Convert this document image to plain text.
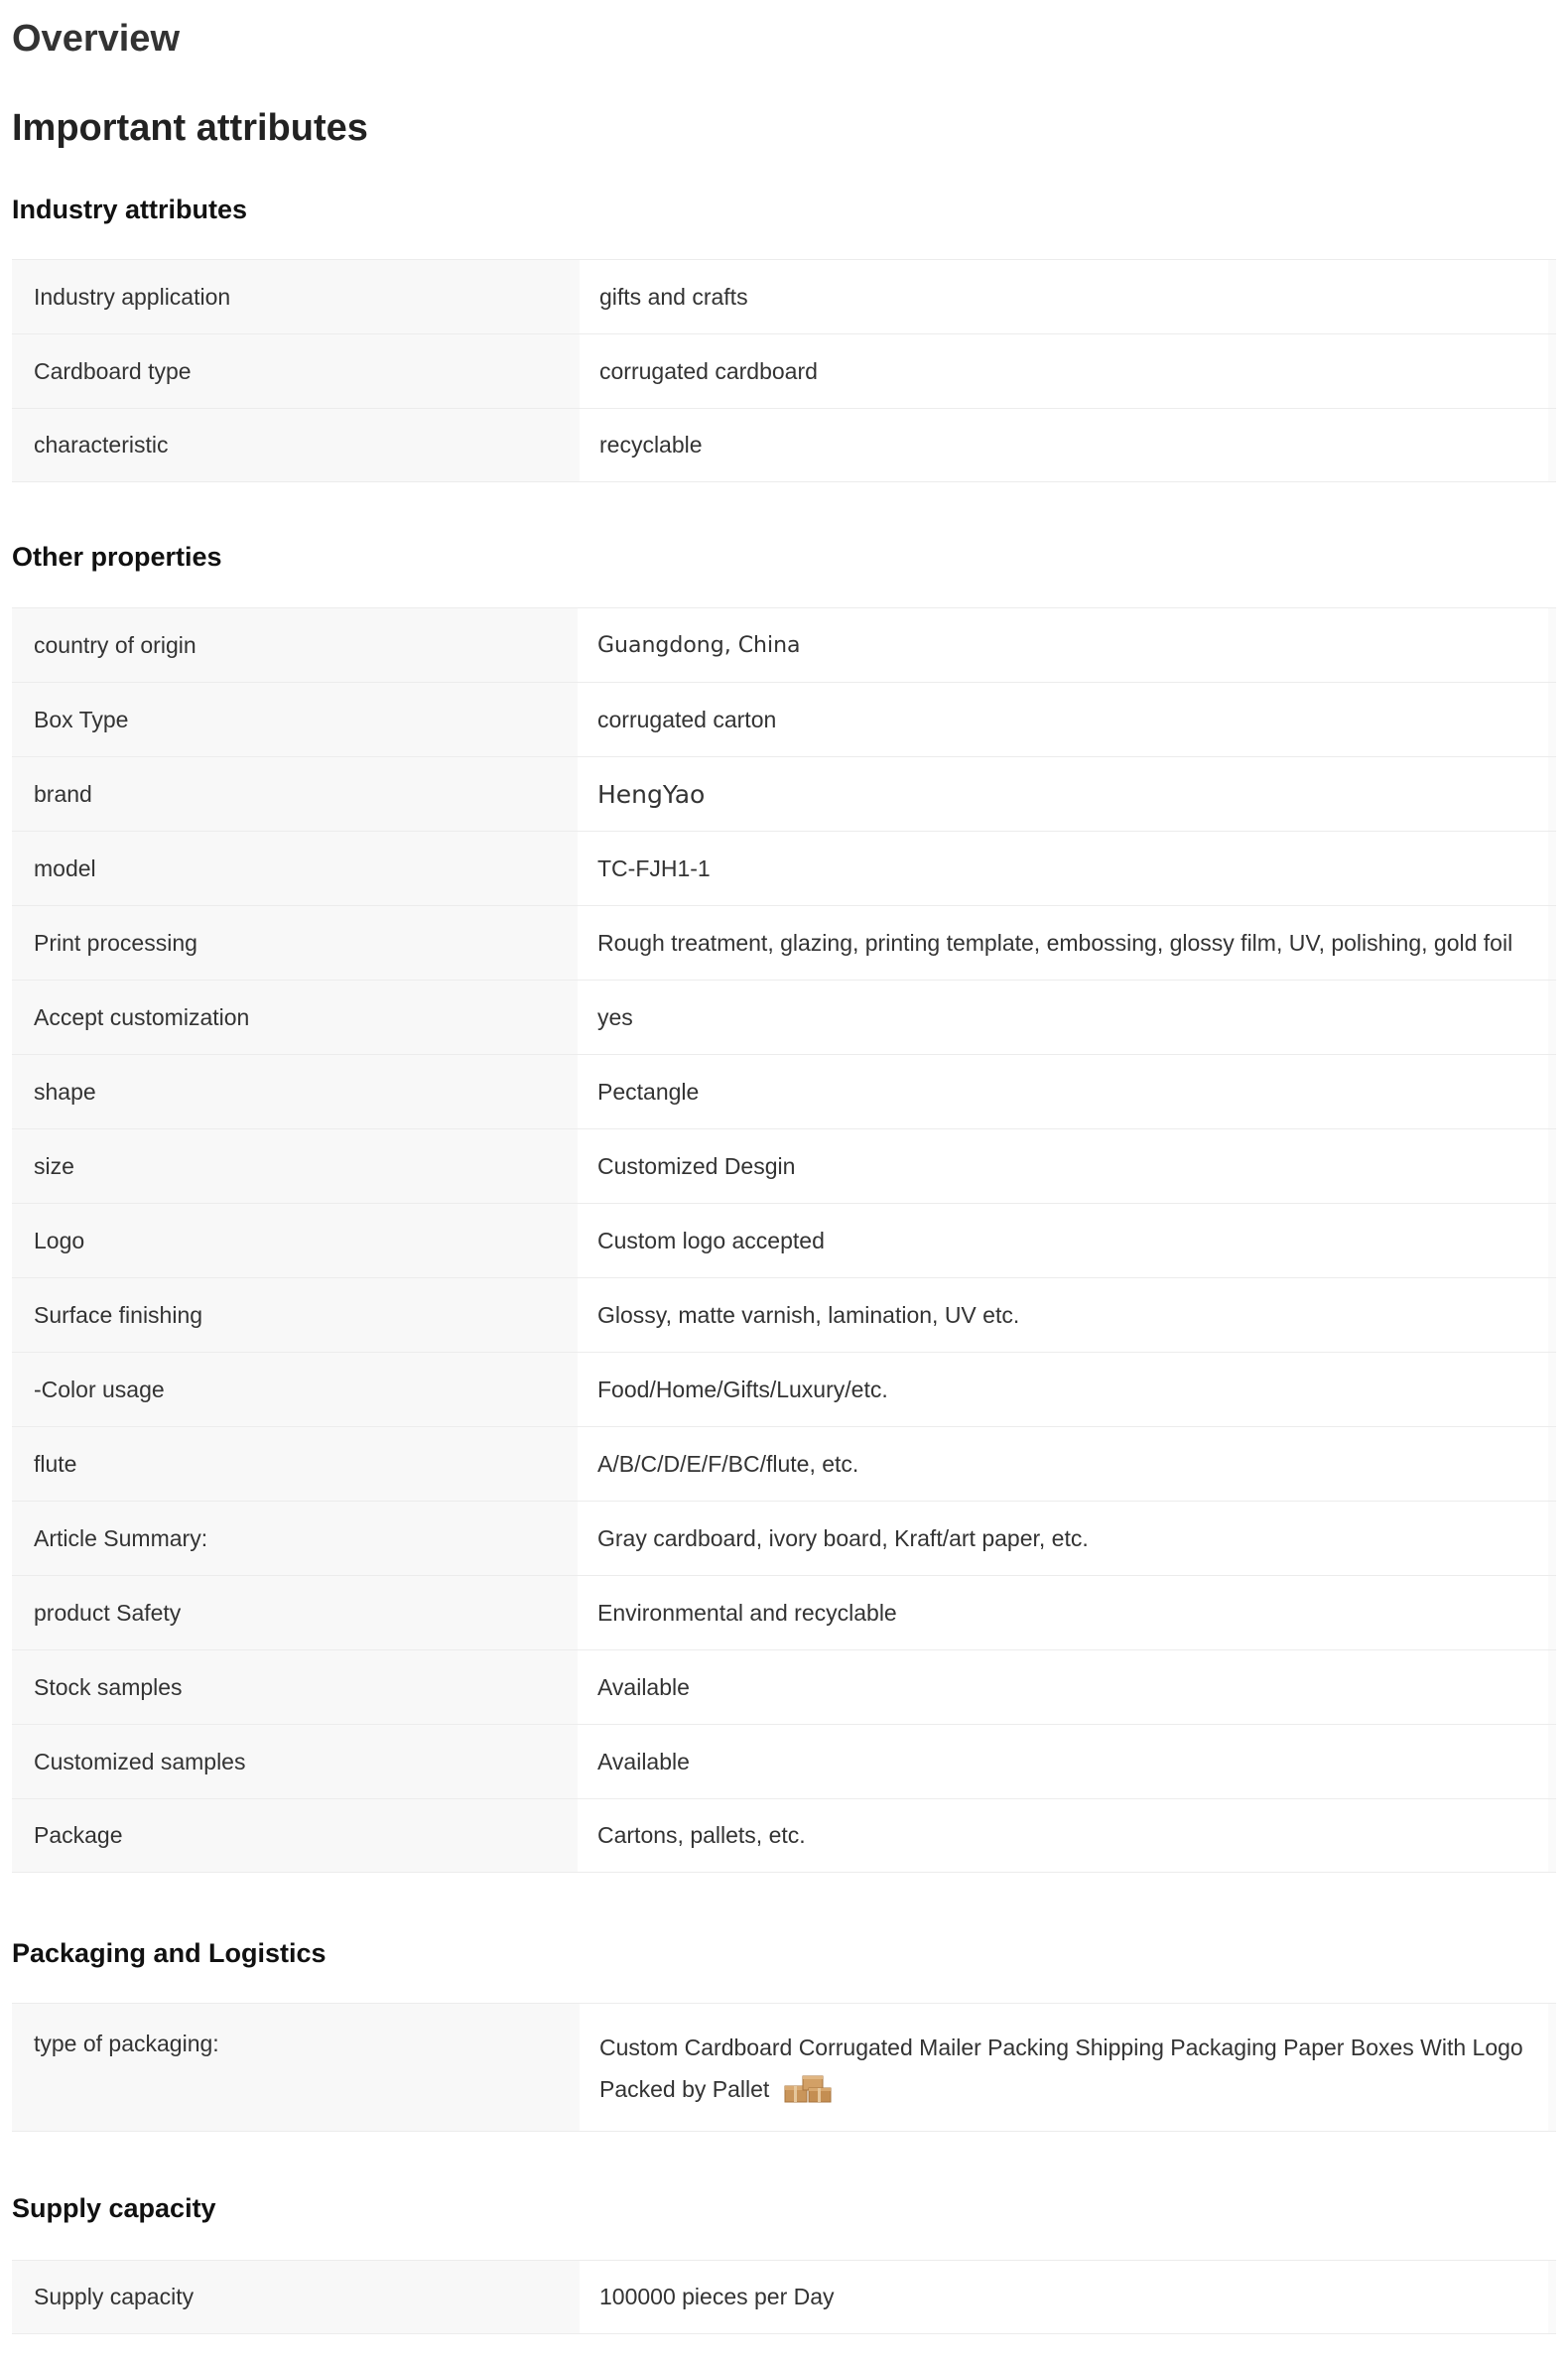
Overview
Important attributes
Industry attributes
Industry application	gifts and crafts
Cardboard type	corrugated cardboard
characteristic	recyclable
Other properties
country of origin	Guangdong, China
Box Type	corrugated carton
brand	HengYao
model	TC-FJH1-1
Print processing	Rough treatment, glazing, printing template, embossing, glossy film, UV, polishing, gold foil
Accept customization	yes
shape	Pectangle
size	Customized Desgin
Logo	Custom logo accepted
Surface finishing	Glossy, matte varnish, lamination, UV etc.
-Color usage	Food/Home/Gifts/Luxury/etc.
flute	A/B/C/D/E/F/BC/flute, etc.
Article Summary:	Gray cardboard, ivory board, Kraft/art paper, etc.
product Safety	Environmental and recyclable
Stock samples	Available
Customized samples	Available
Package	Cartons, pallets, etc.
Packaging and Logistics
type of packaging:	Custom Cardboard Corrugated Mailer Packing Shipping Packaging Paper Boxes With Logo Packed by Pallet
Supply capacity
Supply capacity	100000 pieces per Day
